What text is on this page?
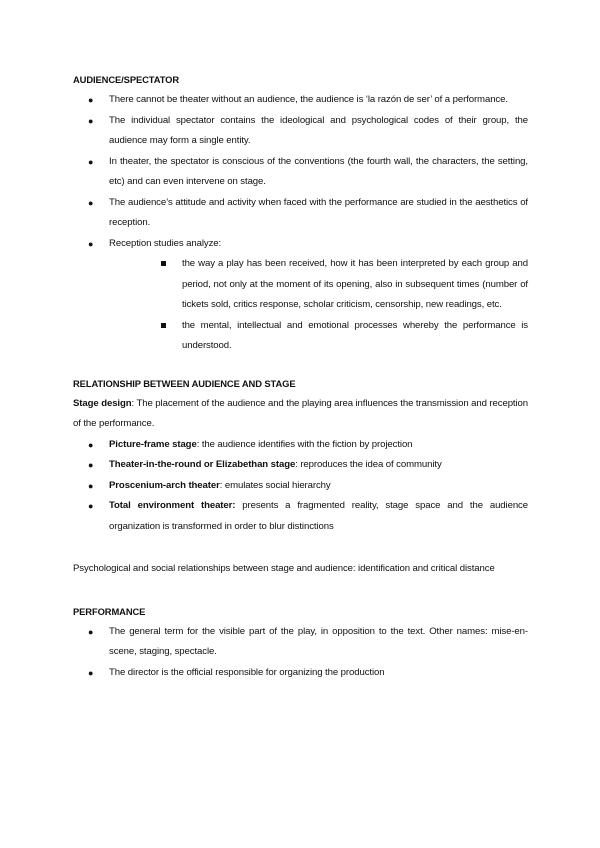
AUDIENCE/SPECTATOR
● There cannot be theater without an audience, the audience is ‘la razón de ser’ of a performance.
● The individual spectator contains the ideological and psychological codes of their group, the audience may form a single entity.
● In theater, the spectator is conscious of the conventions (the fourth wall, the characters, the setting, etc) and can even intervene on stage.
● The audience’s attitude and activity when faced with the performance are studied in the aesthetics of reception.
● Reception studies analyze:
the way a play has been received, how it has been interpreted by each group and period, not only at the moment of its opening, also in subsequent times (number of tickets sold, critics response, scholar criticism, censorship, new readings, etc.
the mental, intellectual and emotional processes whereby the performance is understood.
RELATIONSHIP BETWEEN AUDIENCE AND STAGE

Stage design: The placement of the audience and the playing area influences the transmission and reception of the performance.

● Picture-frame stage: the audience identifies with the fiction by projection
● Theater-in-the-round or Elizabethan stage: reproduces the idea of community
● Proscenium-arch theater: emulates social hierarchy
● Total environment theater: presents a fragmented reality, stage space and the audience organization is transformed in order to blur distinctions

Psychological and social relationships between stage and audience: identification and critical distance

PERFORMANCE
● The general term for the visible part of the play, in opposition to the text. Other names: mise-en- scene, staging, spectacle.
● The director is the official responsible for organizing the production
